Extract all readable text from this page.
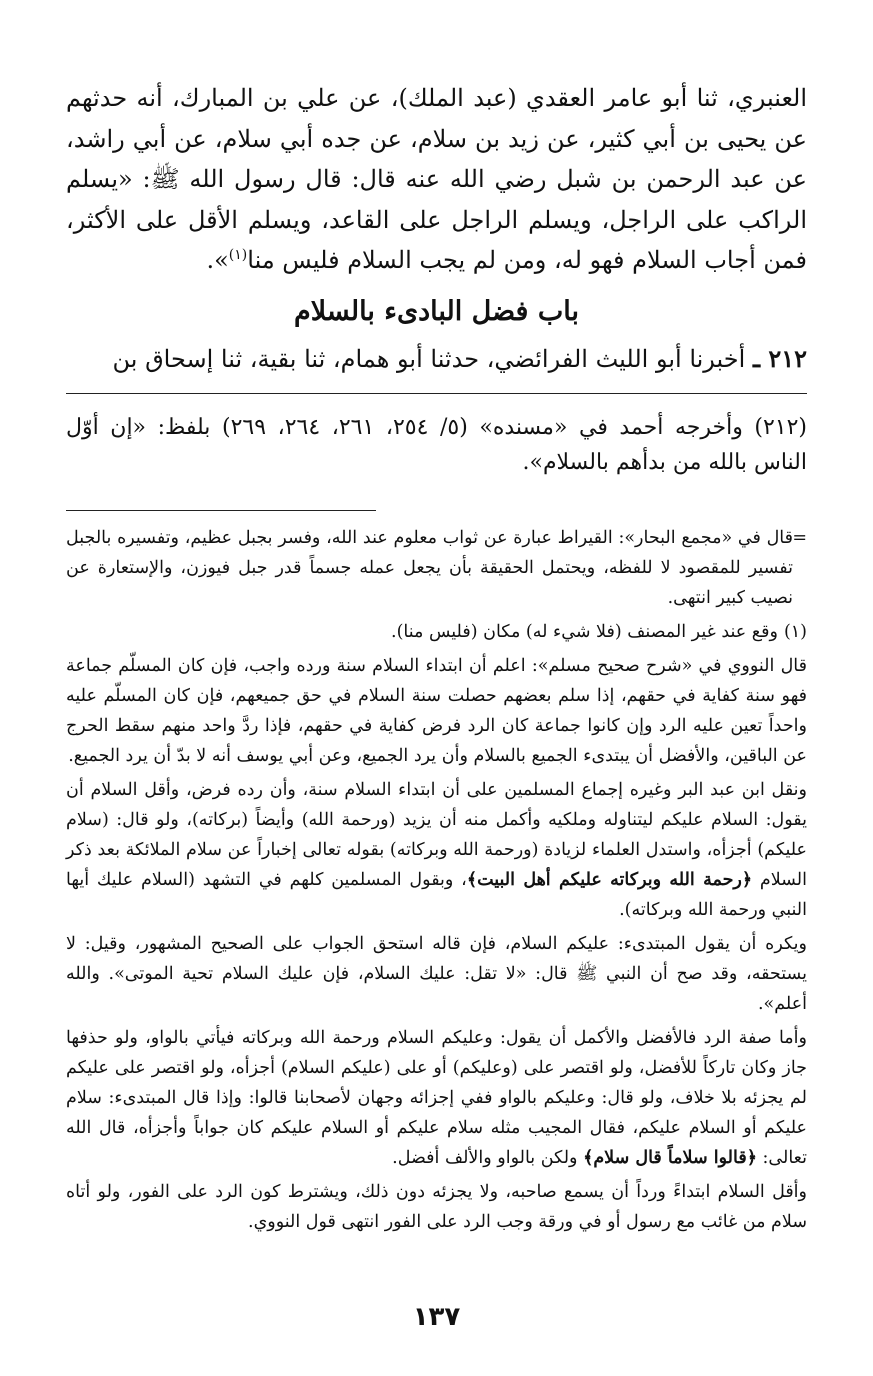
العنبري، ثنا أبو عامر العقدي (عبد الملك)، عن علي بن المبارك، أنه حدثهم عن يحيى بن أبي كثير، عن زيد بن سلام، عن جده أبي سلام، عن أبي راشد، عن عبد الرحمن بن شبل رضي الله عنه قال: قال رسول الله ﷺ: «يسلم الراكب على الراجل، ويسلم الراجل على القاعد، ويسلم الأقل على الأكثر، فمن أجاب السلام فهو له، ومن لم يجب السلام فليس منا$^{(١)}$».

باب فضل البادىء بالسلام

٢١٢ ـ أخبرنا أبو الليث الفرائضي، حدثنا أبو همام، ثنا بقية، ثنا إسحاق بن

(٢١٢) وأخرجه أحمد في «مسنده» (٥/ ٢٥٤، ٢٦١، ٢٦٤، ٢٦٩) بلفظ: «إن أوّل الناس بالله من بدأهم بالسلام».

=
قال في «مجمع البحار»: القيراط عبارة عن ثواب معلوم عند الله، وفسر بجبل عظيم، وتفسيره بالجبل تفسير للمقصود لا للفظه، ويحتمل الحقيقة بأن يجعل عمله جسماً قدر جبل فيوزن، والإستعارة عن نصيب كبير انتهى.

(١)
وقع عند غير المصنف (فلا شيء له) مكان (فليس منا).

قال النووي في «شرح صحيح مسلم»: اعلم أن ابتداء السلام سنة ورده واجب، فإن كان المسلّم جماعة فهو سنة كفاية في حقهم، إذا سلم بعضهم حصلت سنة السلام في حق جميعهم، فإن كان المسلّم عليه واحداً تعين عليه الرد وإن كانوا جماعة كان الرد فرض كفاية في حقهم، فإذا ردَّ واحد منهم سقط الحرج عن الباقين، والأفضل أن يبتدىء الجميع بالسلام وأن يرد الجميع، وعن أبي يوسف أنه لا بدّ أن يرد الجميع.

ونقل ابن عبد البر وغيره إجماع المسلمين على أن ابتداء السلام سنة، وأن رده فرض، وأقل السلام أن يقول: السلام عليكم ليتناوله وملكيه وأكمل منه أن يزيد (ورحمة الله) وأيضاً (بركاته)، ولو قال: (سلام عليكم) أجزأه، واستدل العلماء لزيادة (ورحمة الله وبركاته) بقوله تعالى إخباراً عن سلام الملائكة بعد ذكر السلام ﴿رحمة الله وبركاته عليكم أهل البيت﴾، وبقول المسلمين كلهم في التشهد (السلام عليك أيها النبي ورحمة الله وبركاته).

ويكره أن يقول المبتدىء: عليكم السلام، فإن قاله استحق الجواب على الصحيح المشهور، وقيل: لا يستحقه، وقد صح أن النبي ﷺ قال: «لا تقل: عليك السلام، فإن عليك السلام تحية الموتى». والله أعلم».

وأما صفة الرد فالأفضل والأكمل أن يقول: وعليكم السلام ورحمة الله وبركاته فيأتي بالواو، ولو حذفها جاز وكان تاركاً للأفضل، ولو اقتصر على (وعليكم) أو على (عليكم السلام) أجزأه، ولو اقتصر على عليكم لم يجزئه بلا خلاف، ولو قال: وعليكم بالواو ففي إجزائه وجهان لأصحابنا قالوا: وإذا قال المبتدىء: سلام عليكم أو السلام عليكم، فقال المجيب مثله سلام عليكم أو السلام عليكم كان جواباً وأجزأه، قال الله تعالى: ﴿قالوا سلاماً قال سلام﴾ ولكن بالواو والألف أفضل.

وأقل السلام ابتداءً ورداً أن يسمع صاحبه، ولا يجزئه دون ذلك، ويشترط كون الرد على الفور، ولو أتاه سلام من غائب مع رسول أو في ورقة وجب الرد على الفور انتهى قول النووي.

١٣٧
